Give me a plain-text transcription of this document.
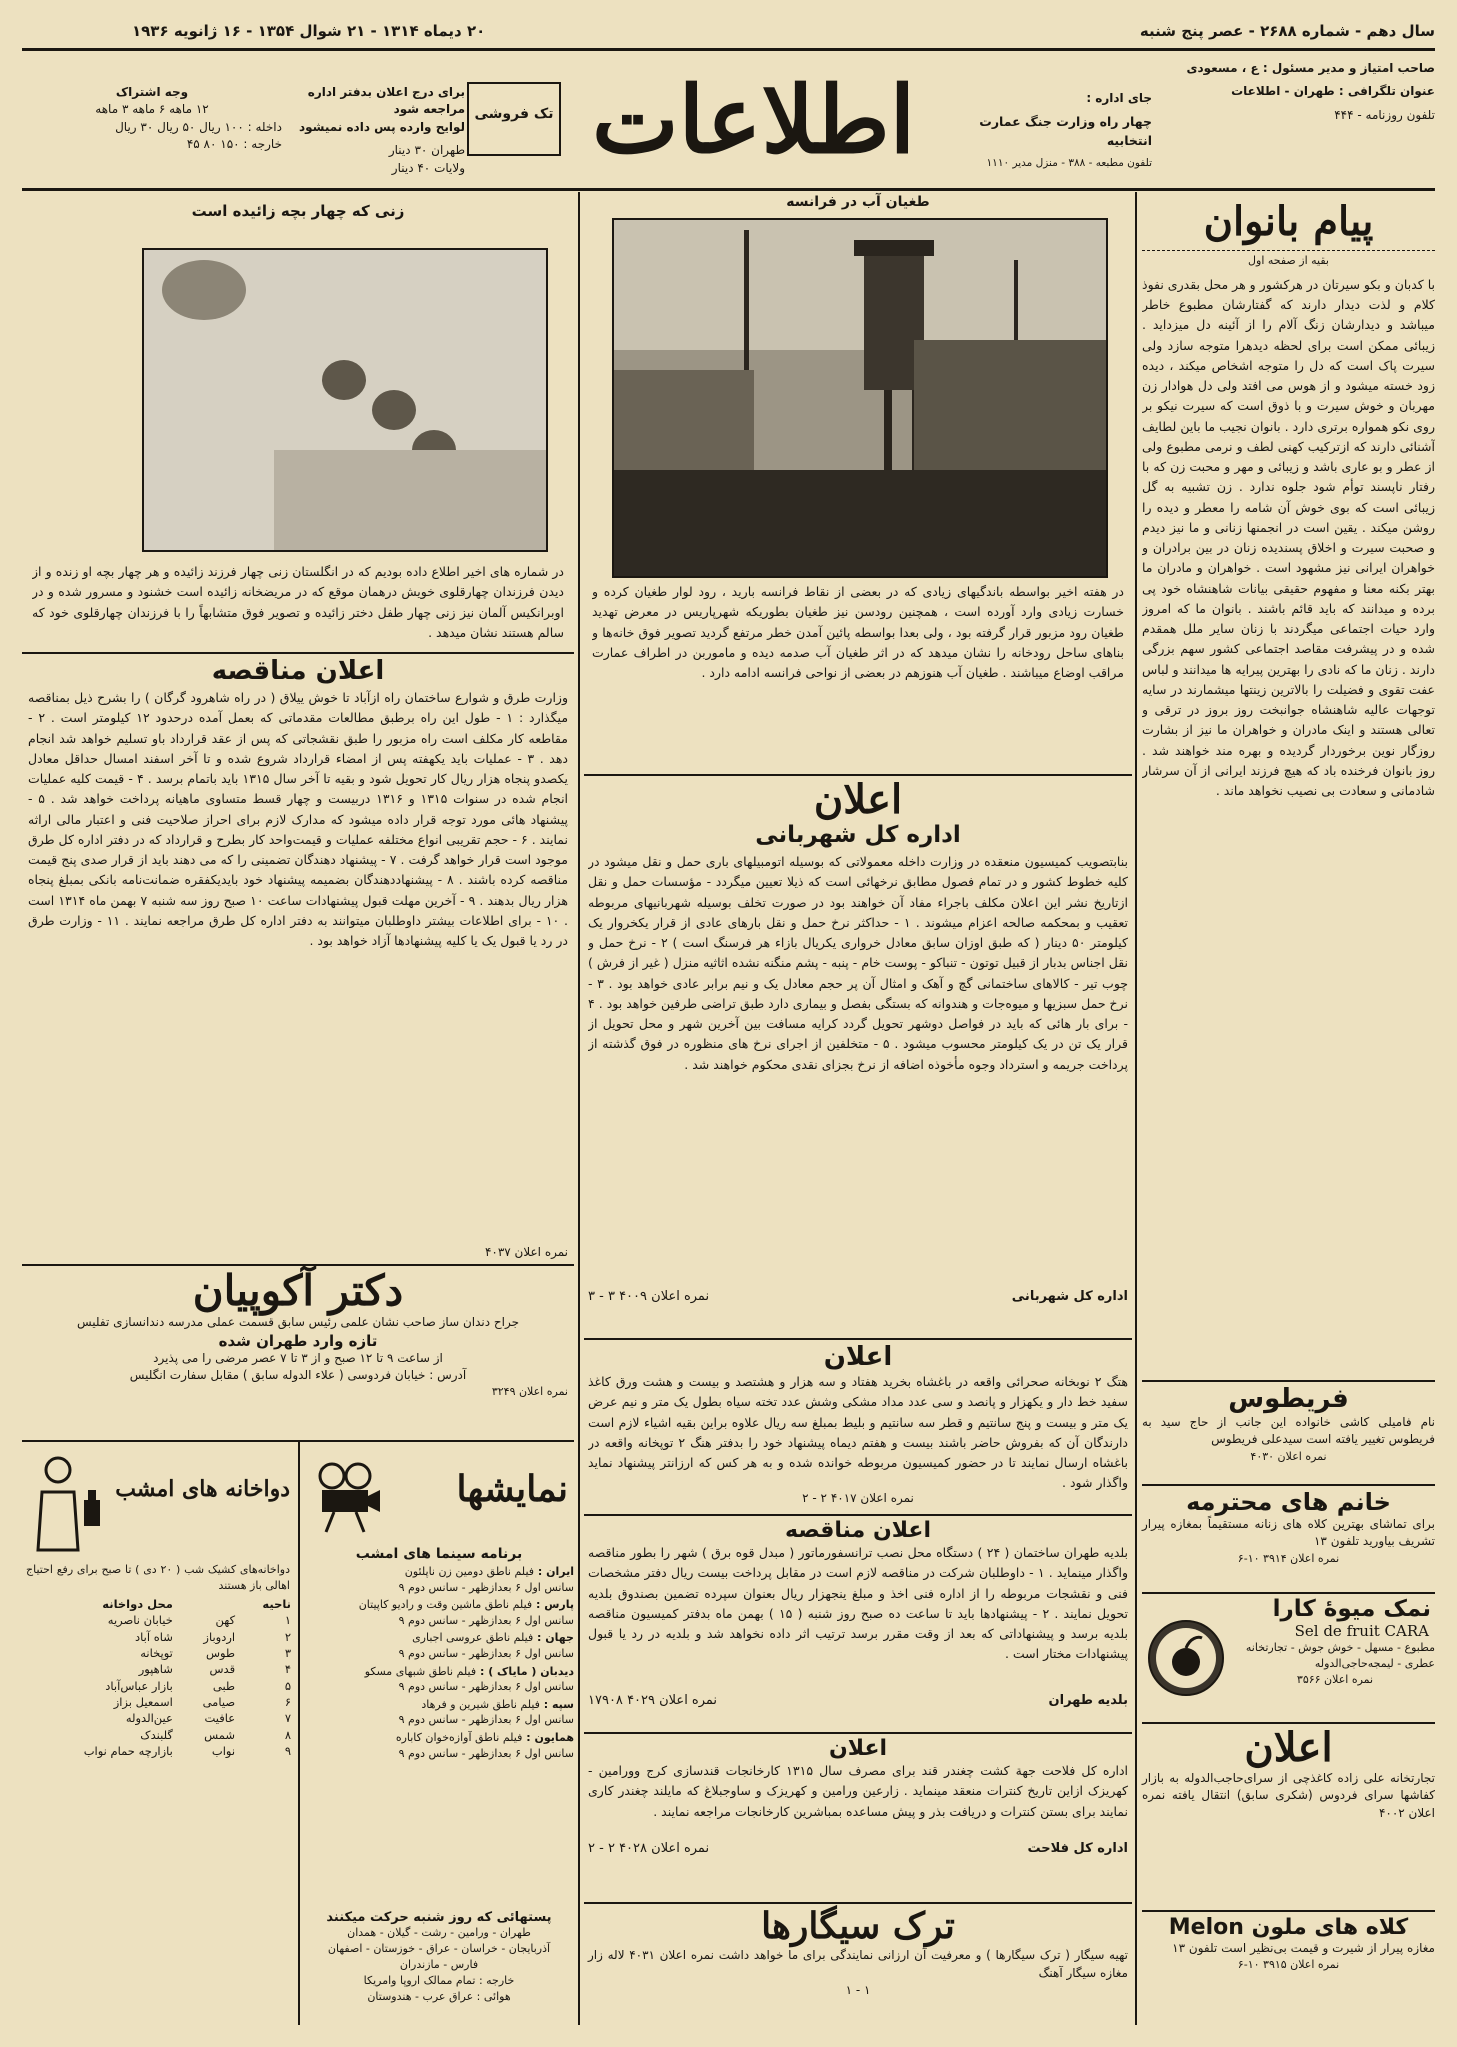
سال دهم - شماره ۲۶۸۸ - عصر پنج شنبه
۲۰ دیماه ۱۳۱۴ - ۲۱ شوال ۱۳۵۴ - ۱۶ ژانویه ۱۹۳۶
صاحب امتیاز و مدیر مسئول : ع ، مسعودی
عنوان تلگرافی : طهران - اطلاعات
تلفون روزنامه - ۴۴۴
جای اداره :
چهار راه وزارت جنگ عمارت انتخابیه
تلفون مطبعه - ۳۸۸ - منزل مدیر ۱۱۱۰
اطلاعات
تک فروشی
برای درج اعلان بدفتر اداره مراجعه شود
لوایح وارده پس داده نمیشود
طهران ۳۰ دینار
ولایات ۴۰ دینار
وجه اشتراک
۱۲ ماهه ۶ ماهه ۳ ماهه
داخله : ۱۰۰ ریال ۵۰ ریال ۳۰ ریال
خارجه : ۱۵۰ ۸۰ ۴۵
پیام بانوان
بقیه از صفحه اول
با کدبان و بکو سیرتان در هرکشور و هر محل بقدری نفوذ کلام و لذت دیدار دارند که گفتارشان مطبوع خاطر میباشد و دیدارشان زنگ آلام را از آئینه دل میزداید . زیبائی ممکن است برای لحظه دیدهرا متوجه سازد ولی سیرت پاک است که دل را متوجه اشخاص میکند ، دیده زود خسته میشود و از هوس می افتد ولی دل هوادار زن مهربان و خوش سیرت و با ذوق است که سیرت نیکو بر روی نکو همواره برتری دارد . بانوان نجیب ما باین لطایف آشنائی دارند که ازترکیب کهنی لطف و نرمی مطبوع ولی از عطر و بو عاری باشد و زیبائی و مهر و محبت زن که با رفتار ناپسند توأم شود جلوه ندارد . زن تشبیه به گل زیبائی است که بوی خوش آن شامه را معطر و دیده را روشن میکند . یقین است در انجمنها زنانی و ما نیز دیدم و صحبت سیرت و اخلاق پسندیده زنان در بین برادران و خواهران ایرانی نیز مشهود است . خواهران و مادران ما بهتر بکنه معنا و مفهوم حقیقی بیانات شاهنشاه خود پی برده و میدانند که باید قائم باشند . بانوان ما که امروز وارد حیات اجتماعی میگردند با زنان سایر ملل همقدم شده و در پیشرفت مقاصد اجتماعی کشور سهم بزرگی دارند . زنان ما که نادی را بهترین پیرایه ها میدانند و لباس عفت تقوی و فضیلت را بالاترین زینتها میشمارند در سایه توجهات عالیه شاهنشاه جوانبخت روز بروز در ترقی و تعالی هستند و اینک مادران و خواهران ما نیز از بشارت روزگار نوین برخوردار گردیده و بهره مند خواهند شد . روز بانوان فرخنده باد که هیچ فرزند ایرانی از آن سرشار شادمانی و سعادت بی نصیب نخواهد ماند .
فریطوس
نام فامیلی کاشی خانواده این جانب از حاج سید به فریطوس تغییر یافته است سیدعلی فریطوس
نمره اعلان ۴۰۳۰
خانم های محترمه
برای تماشای بهترین کلاه های زنانه مستقیماً بمغازه پیرار تشریف بیاورید تلفون ۱۳
نمره اعلان ۳۹۱۴ ۱۰-۶
نمک میوهٔ کارا
Sel de fruit CARA
مطبوع - مسهل - خوش جوش - تجارتخانه عطری - لیمجه‌حاجی‌الدوله
نمره اعلان ۳۵۶۶
اعلان
تجارتخانه علی زاده کاغذچی از سرای‌حاجب‌الدوله به بازار کفاشها سرای فردوس (شکری سابق) انتقال یافته نمره اعلان ۴۰۰۲
کلاه های ملون Melon
مغازه پیرار از شیرت و قیمت بی‌نظیر است تلفون ۱۳
نمره اعلان ۳۹۱۵ ۱۰-۶
طغیان آب در فرانسه
در هفته اخیر بواسطه باندگیهای زیادی که در بعضی از نقاط فرانسه بارید ، رود لوار طغیان کرده و خسارت زیادی وارد آورده است ، همچنین رودسن نیز طغیان بطوریکه شهرپاریس در معرض تهدید طغیان رود مزبور قرار گرفته بود ، ولی بعدا بواسطه پائین آمدن خطر مرتفع گردید تصویر فوق خانه‌ها و بناهای ساحل رودخانه را نشان میدهد که در اثر طغیان آب صدمه دیده و ماموربن در اطراف عمارت مراقب اوضاع میباشند . طغیان آب هنوزهم در بعضی از نواحی فرانسه ادامه دارد .
اعلان
اداره کل شهربانی
بنابتصویب کمیسیون منعقده در وزارت داخله معمولاتی که بوسیله اتومبیلهای باری حمل و نقل میشود در کلیه خطوط کشور و در تمام فصول مطابق نرخهائی است که ذیلا تعیین میگردد - مؤسسات حمل و نقل ازتاریخ نشر این اعلان مکلف باجراء مفاد آن خواهند بود در صورت تخلف بوسیله شهربانیهای مربوطه تعقیب و بمحکمه صالحه اعزام میشوند . ۱ - حداکثر نرخ حمل و نقل بارهای عادی از قرار یکخروار یک کیلومتر ۵۰ دینار ( که طبق اوزان سابق معادل خرواری یکریال بازاء هر فرسنگ است ) ۲ - نرخ حمل و نقل اجناس بدبار از قبیل توتون - تنباکو - پوست خام - پنبه - پشم منگنه نشده اثاثیه منزل ( غیر از فرش ) چوب تیر - کالاهای ساختمانی گچ و آهک و امثال آن پر حجم معادل یک و نیم برابر عادی خواهد بود . ۳ - نرخ حمل سبزیها و میوه‌جات و هندوانه که بستگی بفصل و بیماری دارد طبق تراضی طرفین خواهد بود . ۴ - برای بار هائی که باید در فواصل دوشهر تحویل گردد کرایه مسافت بین آخرین شهر و محل تحویل از قرار یک تن در یک کیلومتر محسوب میشود . ۵ - متخلفین از اجرای نرخ های منظوره در فوق گذشته از پرداخت جریمه و استرداد وجوه مأخوذه اضافه از نرخ بجزای نقدی محکوم خواهند شد .
اداره کل شهربانی
نمره اعلان ۴۰۰۹ ۳ - ۳
اعلان
هتگ ۲ نوبخانه صحرائی واقعه در باغشاه بخرید هفتاد و سه هزار و هشتصد و بیست و هشت ورق کاغذ سفید خط دار و یکهزار و پانصد و سی عدد مداد مشکی وشش عدد تخته سیاه بطول یک متر و نیم عرض یک متر و بیست و پنج سانتیم و قطر سه سانتیم و بلیط بمبلغ سه ریال علاوه براین بقیه اشیاء لازم است دارندگان آن که بفروش حاضر باشند بیست و هفتم دیماه پیشنهاد خود را بدفتر هنگ ۲ توپخانه واقعه در باغشاه ارسال نمایند تا در حضور کمیسیون مربوطه خوانده شده و به هر کس که ارزانتر پیشنهاد نماید واگذار شود .
نمره اعلان ۴۰۱۷ ۲ - ۲
اعلان مناقصه
بلدیه طهران ساختمان ( ۲۴ ) دستگاه محل نصب ترانسفورماتور ( مبدل قوه برق ) شهر را بطور مناقصه واگذار مینماید . ۱ - داوطلبان شرکت در مناقصه لازم است در مقابل پرداخت بیست ریال دفتر مشخصات فنی و نقشجات مربوطه را از اداره فنی اخذ و مبلغ ینجهزار ریال بعنوان سپرده تضمین بصندوق بلدیه تحویل نمایند . ۲ - پیشنهادها باید تا ساعت ده صبح روز شنبه ( ۱۵ ) بهمن ماه بدفتر کمیسیون مناقصه بلدیه برسد و پیشنهاداتی که بعد از وقت مقرر برسد ترتیب اثر داده نخواهد شد و بلدیه در رد یا قبول پیشنهادات مختار است .
بلدیه طهران
نمره اعلان ۴۰۲۹ ۱۷۹۰۸
اعلان
اداره کل فلاحت جهة کشت چغندر قند برای مصرف سال ۱۳۱۵ کارخانجات قندسازی کرج وورامین - کهریزک ازاین تاریخ کنترات منعقد مینماید . زارعین ورامین و کهریزک و ساوجبلاغ که مایلند چغندر کاری نمایند برای بستن کنترات و دریافت بذر و پیش مساعده بمباشرین کارخانجات مراجعه نمایند .
اداره کل فلاحت
نمره اعلان ۴۰۲۸ ۲ - ۲
ترک سیگارها
تهیه سیگار ( ترک سیگارها ) و معرفیت آن ارزانی نمایندگی برای ما خواهد داشت نمره اعلان ۴۰۳۱ لاله زار مغازه سیگار آهنگ
۱ - ۱
زنی که چهار بچه زائیده است
در شماره های اخیر اطلاع داده بودیم که در انگلستان زنی چهار فرزند زائیده و هر چهار بچه او زنده و از دیدن فرزندان چهارقلوی خویش درهمان موقع که در مریضخانه زائیده است خشنود و مسرور شده و در اوبرانکیس آلمان نیز زنی چهار طفل دختر زائیده و تصویر فوق متشابهاً را با فرزندان چهارقلوی خود که سالم هستند نشان میدهد .
اعلان مناقصه
وزارت طرق و شوارع ساختمان راه ازآباد تا خوش ییلاق ( در راه شاهرود گرگان ) را بشرح ذیل بمناقصه میگذارد : ۱ - طول این راه برطبق مطالعات مقدماتی که بعمل آمده درحدود ۱۲ کیلومتر است . ۲ - مقاطعه کار مکلف است راه مزبور را طبق نقشجاتی که پس از عقد قرارداد باو تسلیم خواهد شد انجام دهد . ۳ - عملیات باید یکهفته پس از امضاء قرارداد شروع شده و تا آخر اسفند امسال حداقل معادل یکصدو پنجاه هزار ریال کار تحویل شود و بقیه تا آخر سال ۱۳۱۵ باید باتمام برسد . ۴ - قیمت کلیه عملیات انجام شده در سنوات ۱۳۱۵ و ۱۳۱۶ دربیست و چهار قسط متساوی ماهیانه پرداخت خواهد شد . ۵ - پیشنهاد هائی مورد توجه قرار داده میشود که مدارک لازم برای احراز صلاحیت فنی و اعتبار مالی اراثه نمایند . ۶ - حجم تقریبی انواع مختلفه عملیات و قیمت‌واحد کار بطرح و قرارداد که در دفتر اداره کل طرق موجود است قرار خواهد گرفت . ۷ - پیشنهاد دهندگان تضمینی را که می دهند باید از قرار صدی پنج قیمت مناقصه کرده باشند . ۸ - پیشنهاددهندگان بضمیمه پیشنهاد خود بایدیکفقره ضمانت‌نامه بانکی بمبلغ پنجاه هزار ریال بدهند . ۹ - آخرین مهلت قبول پیشنهادات ساعت ۱۰ صبح روز سه شنبه ۷ بهمن ماه ۱۳۱۴ است . ۱۰ - برای اطلاعات بیشتر داوطلبان میتوانند به دفتر اداره کل طرق مراجعه نمایند . ۱۱ - وزارت طرق در رد یا قبول یک یا کلیه پیشنهادها آزاد خواهد بود .
نمره اعلان ۴۰۳۷
دکتر آکوپیان
جراح دندان ساز صاحب نشان علمی رئیس سابق قسمت عملی مدرسه دندانسازی تفلیس
تازه وارد طهران شده
از ساعت ۹ تا ۱۲ صبح و از ۳ تا ۷ عصر مرضی را می پذیرد
آدرس : خیابان فردوسی ( علاء الدوله سابق ) مقابل سفارت انگلیس
نمره اعلان ۳۲۴۹
نمایشها
برنامه سینما های امشب
ایران : فیلم ناطق دومین زن ناپلئون
سانس اول ۶ بعدازظهر - سانس دوم ۹
پارس : فیلم ناطق ماشین وقت و رادیو کاپیتان
سانس اول ۶ بعدازظهر - سانس دوم ۹
جهان : فیلم ناطق عروسی اجباری
سانس اول ۶ بعدازظهر - سانس دوم ۹
دیدبان ( مایاک ) : فیلم ناطق شبهای مسکو
سانس اول ۶ بعدازظهر - سانس دوم ۹
سپه : فیلم ناطق شیرین و فرهاد
سانس اول ۶ بعدازظهر - سانس دوم ۹
همایون : فیلم ناطق آوازه‌خوان کاباره
سانس اول ۶ بعدازظهر - سانس دوم ۹
دواخانه های امشب
دواخانه‌های کشیک شب ( ۲۰ دی ) تا صبح برای رفع احتیاج اهالی باز هستند
ناحیه		محل دواخانه
۱	کهن	خیابان ناصریه
۲	اردوباز	شاه آباد
۳	طوس	توپخانه
۴	قدس	شاهپور
۵	طبی	بازار عباس‌آباد
۶	صیامی	اسمعیل بزاز
۷	عافیت	عین‌الدوله
۸	شمس	گلبندک
۹	نواب	بازارچه حمام نواب
پستهائی که روز شنبه حرکت میکنند
طهران - ورامین - رشت - گیلان - همدان
آذربایجان - خراسان - عراق - خوزستان - اصفهان
فارس - مازندران
خارجه : تمام ممالک اروپا وامریکا
هوائی : عراق عرب - هندوستان
